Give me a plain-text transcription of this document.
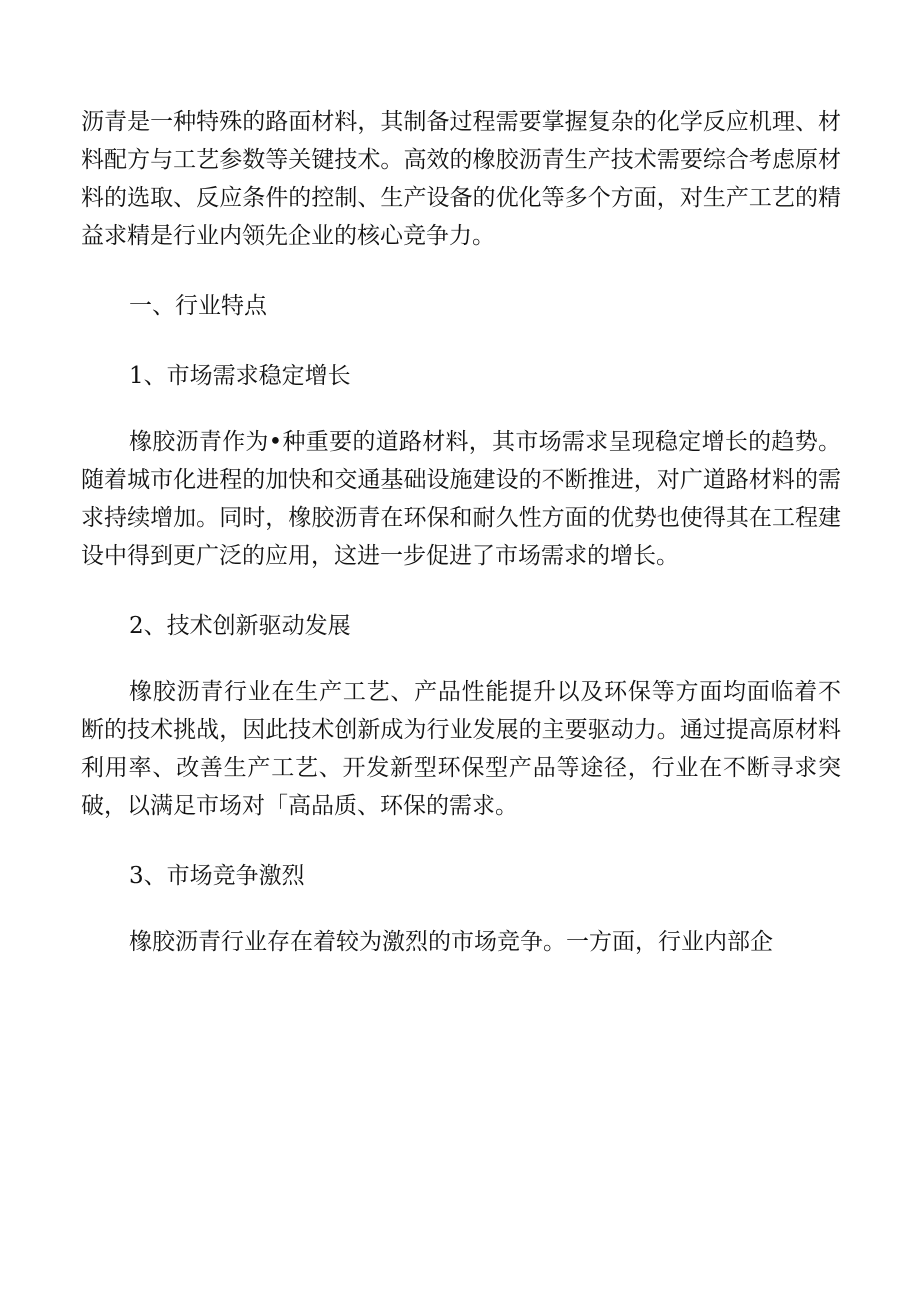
沥青是一种特殊的路面材料，其制备过程需要掌握复杂的化学反应机理、材料配方与工艺参数等关键技术。高效的橡胶沥青生产技术需要综合考虑原材料的选取、反应条件的控制、生产设备的优化等多个方面，对生产工艺的精益求精是行业内领先企业的核心竞争力。

一、行业特点

1、市场需求稳定增长

橡胶沥青作为•种重要的道路材料，其市场需求呈现稳定增长的趋势。随着城市化进程的加快和交通基础设施建设的不断推进，对广道路材料的需求持续增加。同时，橡胶沥青在环保和耐久性方面的优势也使得其在工程建设中得到更广泛的应用，这进一步促进了市场需求的增长。

2、技术创新驱动发展

橡胶沥青行业在生产工艺、产品性能提升以及环保等方面均面临着不断的技术挑战，因此技术创新成为行业发展的主要驱动力。通过提高原材料利用率、改善生产工艺、开发新型环保型产品等途径，行业在不断寻求突破，以满足市场对「高品质、环保的需求。

3、市场竞争激烈

橡胶沥青行业存在着较为激烈的市场竞争。一方面，行业内部企
